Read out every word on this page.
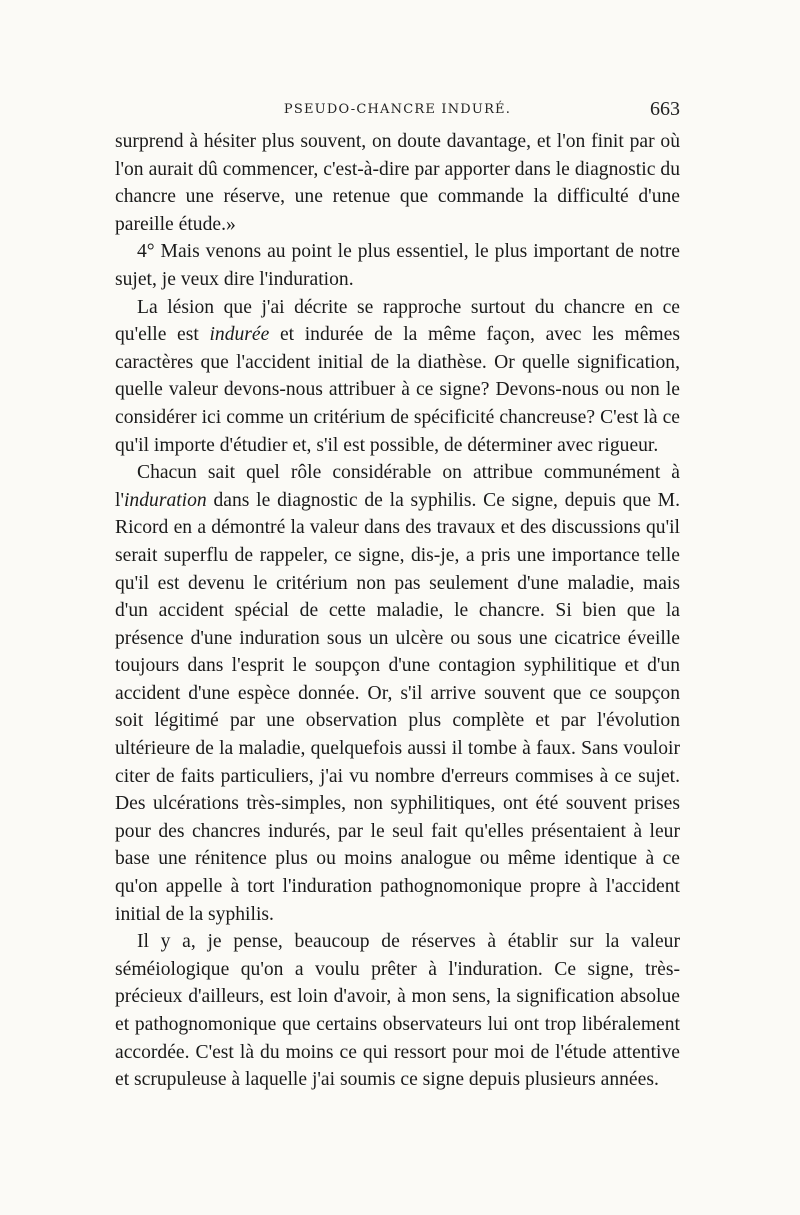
PSEUDO-CHANCRE INDURÉ.	663

surprend à hésiter plus souvent, on doute davantage, et l'on finit par où l'on aurait dû commencer, c'est-à-dire par apporter dans le diagnostic du chancre une réserve, une retenue que commande la difficulté d'une pareille étude.»

4° Mais venons au point le plus essentiel, le plus important de notre sujet, je veux dire l'induration.

La lésion que j'ai décrite se rapproche surtout du chancre en ce qu'elle est indurée et indurée de la même façon, avec les mêmes caractères que l'accident initial de la diathèse. Or quelle signification, quelle valeur devons-nous attribuer à ce signe? Devons-nous ou non le considérer ici comme un critérium de spécificité chancreuse? C'est là ce qu'il importe d'étudier et, s'il est possible, de déterminer avec rigueur.

Chacun sait quel rôle considérable on attribue communément à l'induration dans le diagnostic de la syphilis. Ce signe, depuis que M. Ricord en a démontré la valeur dans des travaux et des discussions qu'il serait superflu de rappeler, ce signe, dis-je, a pris une importance telle qu'il est devenu le critérium non pas seulement d'une maladie, mais d'un accident spécial de cette maladie, le chancre. Si bien que la présence d'une induration sous un ulcère ou sous une cicatrice éveille toujours dans l'esprit le soupçon d'une contagion syphilitique et d'un accident d'une espèce donnée. Or, s'il arrive souvent que ce soupçon soit légitimé par une observation plus complète et par l'évolution ultérieure de la maladie, quelquefois aussi il tombe à faux. Sans vouloir citer de faits particuliers, j'ai vu nombre d'erreurs commises à ce sujet. Des ulcérations très-simples, non syphilitiques, ont été souvent prises pour des chancres indurés, par le seul fait qu'elles présentaient à leur base une rénitence plus ou moins analogue ou même identique à ce qu'on appelle à tort l'induration pathognomonique propre à l'accident initial de la syphilis.

Il y a, je pense, beaucoup de réserves à établir sur la valeur séméiologique qu'on a voulu prêter à l'induration. Ce signe, très-précieux d'ailleurs, est loin d'avoir, à mon sens, la signification absolue et pathognomonique que certains observateurs lui ont trop libéralement accordée. C'est là du moins ce qui ressort pour moi de l'étude attentive et scrupuleuse à laquelle j'ai soumis ce signe depuis plusieurs années.
